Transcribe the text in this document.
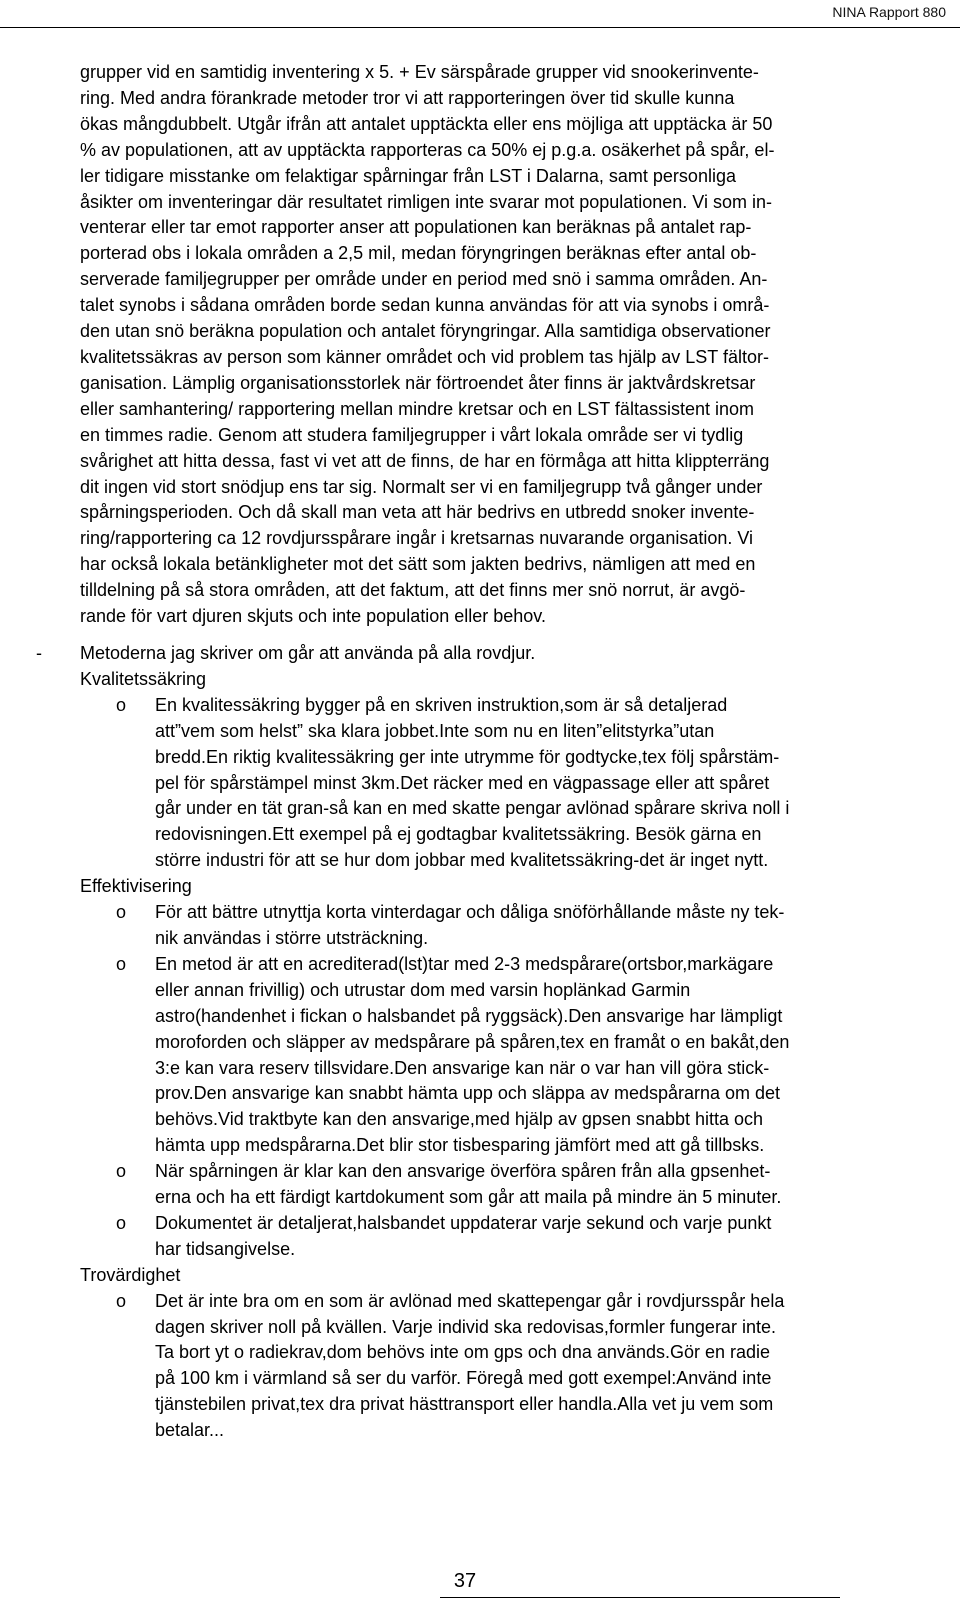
NINA Rapport 880

grupper vid en samtidig inventering x 5. + Ev särspårade grupper vid snookerinvente-
ring. Med andra förankrade metoder tror vi att rapporteringen över tid skulle kunna
ökas mångdubbelt. Utgår ifrån att antalet upptäckta eller ens möjliga att upptäcka är 50
% av populationen, att av upptäckta rapporteras ca 50% ej p.g.a. osäkerhet på spår, el-
ler tidigare misstanke om felaktigar spårningar från LST i Dalarna, samt personliga
åsikter om inventeringar där resultatet rimligen inte svarar mot populationen. Vi som in-
venterar eller tar emot rapporter anser att populationen kan beräknas på antalet rap-
porterad obs i lokala områden a 2,5 mil, medan föryngringen beräknas efter antal ob-
serverade familjegrupper per område under en period med snö i samma områden. An-
talet synobs i sådana områden borde sedan kunna användas för att via synobs i områ-
den utan snö beräkna population och antalet föryngringar. Alla samtidiga observationer
kvalitetssäkras av person som känner området och vid problem tas hjälp av LST fältor-
ganisation. Lämplig organisationsstorlek när förtroendet åter finns är jaktvårdskretsar
eller samhantering/ rapportering mellan mindre kretsar och en LST fältassistent inom
en timmes radie. Genom att studera familjegrupper i vårt lokala område ser vi tydlig
svårighet att hitta dessa, fast vi vet att de finns, de har en förmåga att hitta klippterräng
dit ingen vid stort snödjup ens tar sig. Normalt ser vi en familjegrupp två gånger under
spårningsperioden. Och då skall man veta att här bedrivs en utbredd snoker invente-
ring/rapportering ca 12 rovdjursspårare ingår i kretsarnas nuvarande organisation. Vi
har också lokala betänkligheter mot det sätt som jakten bedrivs, nämligen att med en
tilldelning på så stora områden, att det faktum, att det finns mer snö norrut, är avgö-
rande för vart djuren skjuts och inte population eller behov.

- Metoderna jag skriver om går att använda på alla rovdjur.
Kvalitetssäkring
o En kvalitessäkring bygger på en skriven instruktion,som är så detaljerad
att”vem som helst” ska klara jobbet.Inte som nu en liten”elitstyrka”utan
bredd.En riktig kvalitessäkring ger inte utrymme för godtycke,tex följ spårstäm-
pel för spårstämpel minst 3km.Det räcker med en vägpassage eller att spåret
går under en tät gran-så kan en med skatte pengar avlönad spårare skriva noll i
redovisningen.Ett exempel på ej godtagbar kvalitetssäkring. Besök gärna en
större industri för att se hur dom jobbar med kvalitetssäkring-det är inget nytt.
Effektivisering
o För att bättre utnyttja korta vinterdagar och dåliga snöförhållande måste ny tek-
nik användas i större utsträckning.
o En metod är att en acrediterad(lst)tar med 2-3 medspårare(ortsbor,markägare
eller annan frivillig) och utrustar dom med varsin hoplänkad Garmin
astro(handenhet i fickan o halsbandet på ryggsäck).Den ansvarige har lämpligt
moroforden och släpper av medspårare på spåren,tex en framåt o en bakåt,den
3:e kan vara reserv tillsvidare.Den ansvarige kan när o var han vill göra stick-
prov.Den ansvarige kan snabbt hämta upp och släppa av medspårarna om det
behövs.Vid traktbyte kan den ansvarige,med hjälp av gpsen snabbt hitta och
hämta upp medspårarna.Det blir stor tisbesparing jämfört med att gå tillbsks.
o När spårningen är klar kan den ansvarige överföra spåren från alla gpsenhet-
erna och ha ett färdigt kartdokument som går att maila på mindre än 5 minuter.
o Dokumentet är detaljerat,halsbandet uppdaterar varje sekund och varje punkt
har tidsangivelse.
Trovärdighet
o Det är inte bra om en som är avlönad med skattepengar går i rovdjursspår hela
dagen skriver noll på kvällen. Varje individ ska redovisas,formler fungerar inte.
Ta bort yt o radiekrav,dom behövs inte om gps och dna används.Gör en radie
på 100 km i värmland så ser du varför. Föregå med gott exempel:Använd inte
tjänstebilen privat,tex dra privat hästtransport eller handla.Alla vet ju vem som
betalar...
37
